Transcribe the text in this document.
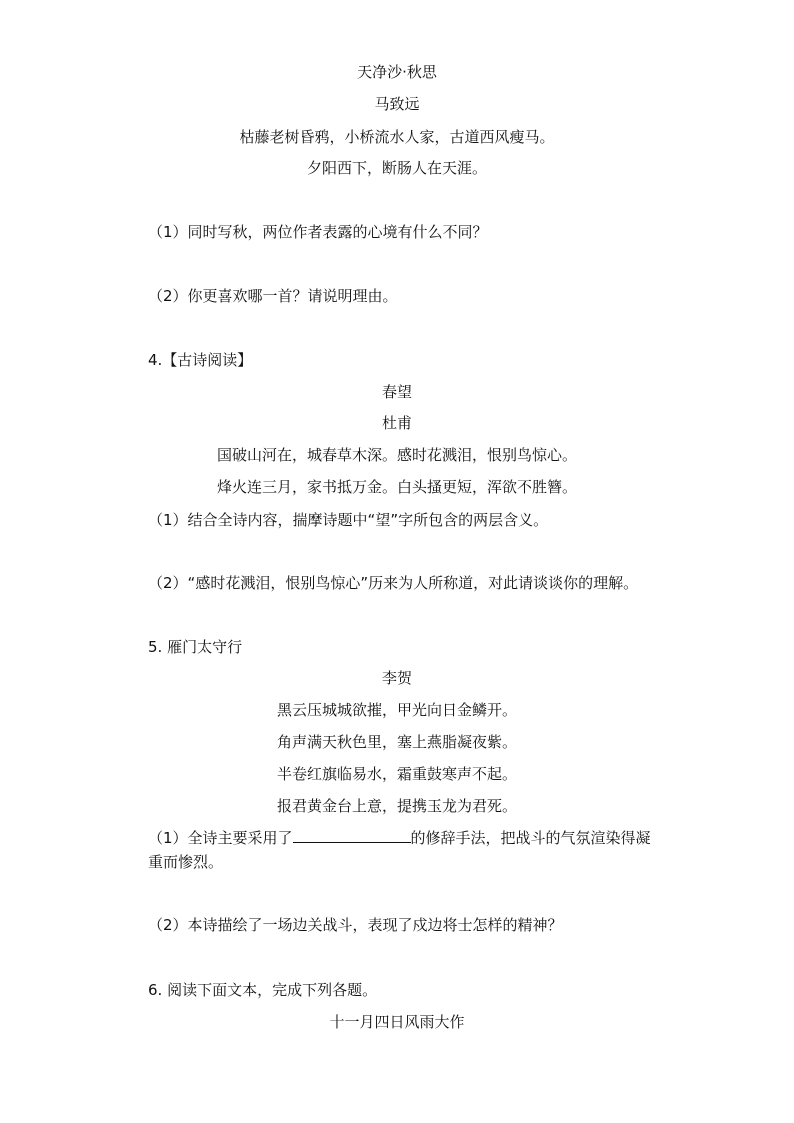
天净沙·秋思
马致远
枯藤老树昏鸦，小桥流水人家，古道西风瘦马。
夕阳西下，断肠人在天涯。
（1）同时写秋，两位作者表露的心境有什么不同？
（2）你更喜欢哪一首？请说明理由。
4.【古诗阅读】
春望
杜甫
国破山河在，城春草木深。感时花溅泪，恨别鸟惊心。
烽火连三月，家书抵万金。白头搔更短，浑欲不胜簪。
（1）结合全诗内容，揣摩诗题中“望”字所包含的两层含义。
（2）“感时花溅泪，恨别鸟惊心”历来为人所称道，对此请谈谈你的理解。
5. 雁门太守行
李贺
黑云压城城欲摧，甲光向日金鳞开。
角声满天秋色里，塞上燕脂凝夜紫。
半卷红旗临易水，霜重鼓寒声不起。
报君黄金台上意，提携玉龙为君死。
（1）全诗主要采用了	的修辞手法，把战斗的气氛渲染得凝
重而惨烈。
（2）本诗描绘了一场边关战斗，表现了戍边将士怎样的精神？
6. 阅读下面文本，完成下列各题。
十一月四日风雨大作
